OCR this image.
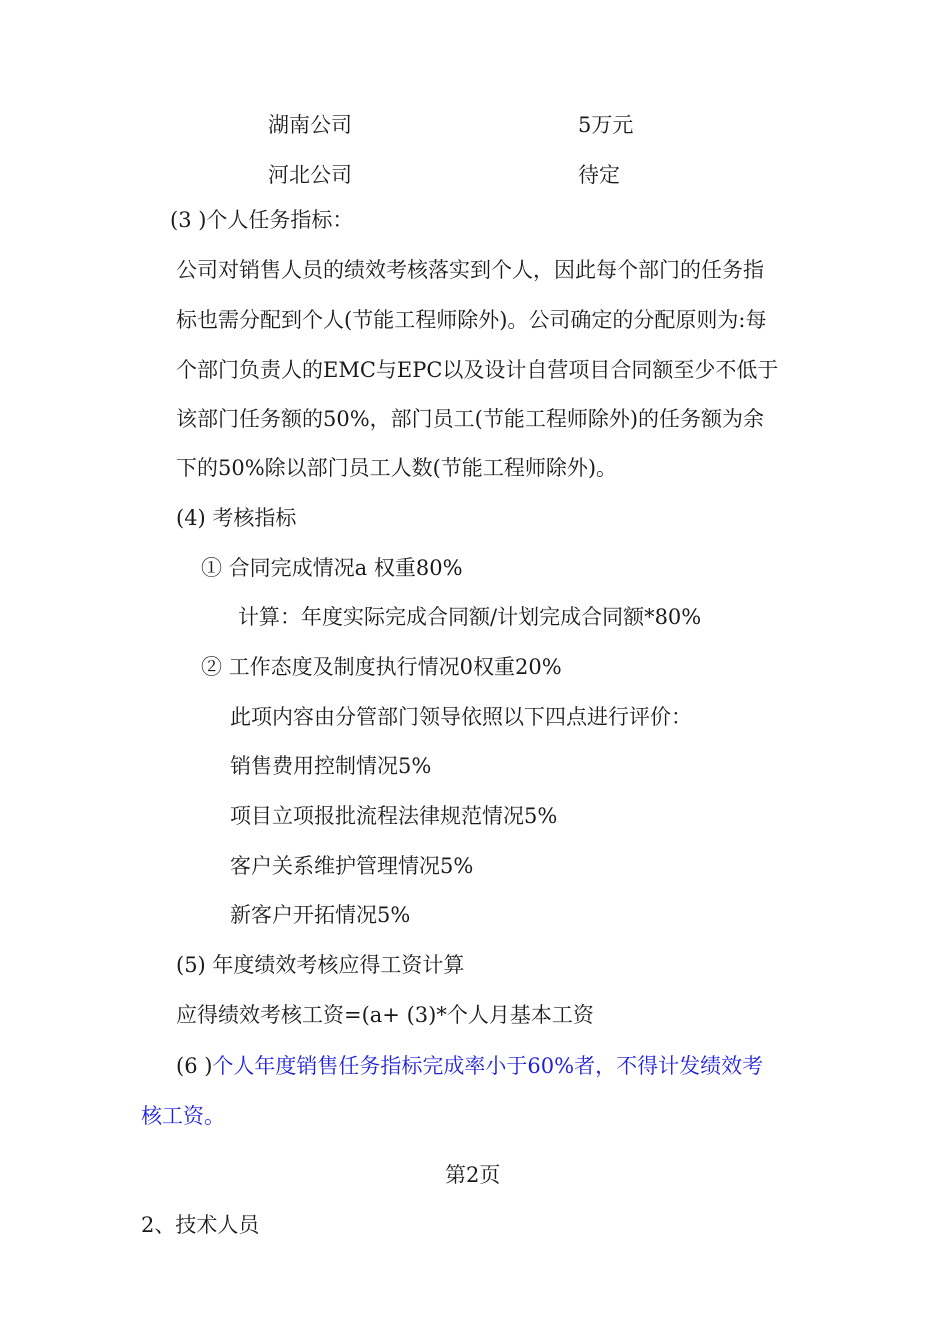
湖南公司	5万元
河北公司	待定
(3 )个人任务指标：
公司对销售人员的绩效考核落实到个人，因此每个部门的任务指
标也需分配到个人(节能工程师除外)。公司确定的分配原则为:每
个部门负责人的EMC与EPC以及设计自营项目合同额至少不低于
该部门任务额的50%，部门员工(节能工程师除外)的任务额为余
下的50%除以部门员工人数(节能工程师除外)。
(4) 考核指标
① 合同完成情况a 权重80%
计算：年度实际完成合同额/计划完成合同额*80%
② 工作态度及制度执行情况0权重20%
此项内容由分管部门领导依照以下四点进行评价：
销售费用控制情况5%
项目立项报批流程法律规范情况5%
客户关系维护管理情况5%
新客户开拓情况5%
(5) 年度绩效考核应得工资计算
应得绩效考核工资=(a+ (3)*个人月基本工资
(6 )个人年度销售任务指标完成率小于60%者，不得计发绩效考
核工资。
第2页
2、技术人员
